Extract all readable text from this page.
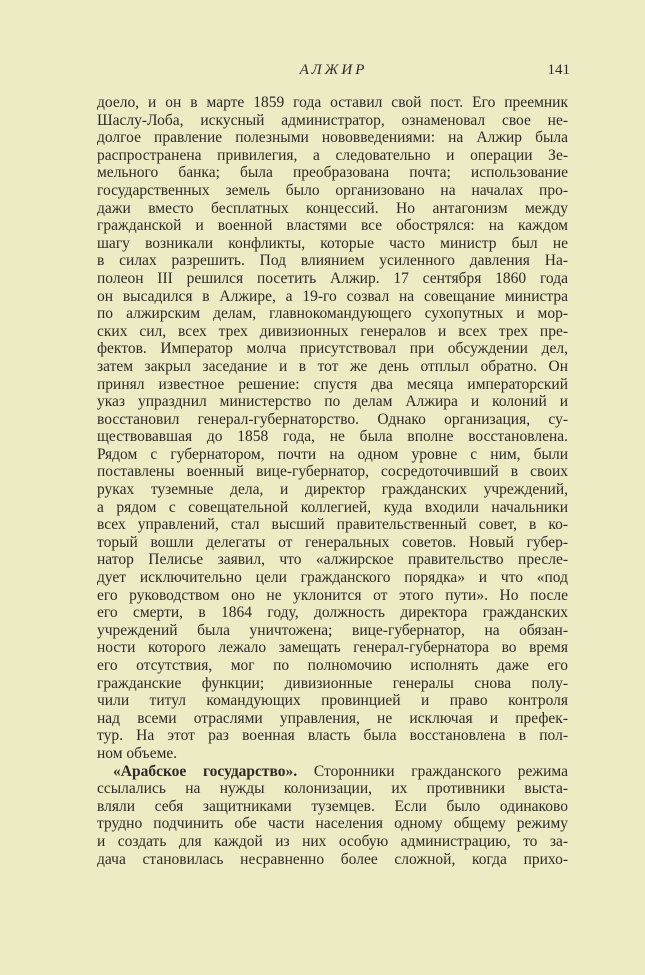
АЛЖИР	141
доело, и он в марте 1859 года оставил свой пост. Его преемник
Шаслу-Лоба, искусный администратор, ознаменовал свое не-
долгое правление полезными нововведениями: на Алжир была
распространена привилегия, а следовательно и операции Зе-
мельного банка; была преобразована почта; использование
государственных земель было организовано на началах про-
дажи вместо бесплатных концессий. Но антагонизм между
гражданской и военной властями все обострялся: на каждом
шагу возникали конфликты, которые часто министр был не
в силах разрешить. Под влиянием усиленного давления На-
полеон III решился посетить Алжир. 17 сентября 1860 года
он высадился в Алжире, а 19-го созвал на совещание министра
по алжирским делам, главнокомандующего сухопутных и мор-
ских сил, всех трех дивизионных генералов и всех трех пре-
фектов. Император молча присутствовал при обсуждении дел,
затем закрыл заседание и в тот же день отплыл обратно. Он
принял известное решение: спустя два месяца императорский
указ упразднил министерство по делам Алжира и колоний и
восстановил генерал-губернаторство. Однако организация, су-
ществовавшая до 1858 года, не была вполне восстановлена.
Рядом с губернатором, почти на одном уровне с ним, были
поставлены военный вице-губернатор, сосредоточивший в своих
руках туземные дела, и директор гражданских учреждений,
а рядом с совещательной коллегией, куда входили начальники
всех управлений, стал высший правительственный совет, в ко-
торый вошли делегаты от генеральных советов. Новый губер-
натор Пелисье заявил, что «алжирское правительство пресле-
дует исключительно цели гражданского порядка» и что «под
его руководством оно не уклонится от этого пути». Но после
его смерти, в 1864 году, должность директора гражданских
учреждений была уничтожена; вице-губернатор, на обязан-
ности которого лежало замещать генерал-губернатора во время
его отсутствия, мог по полномочию исполнять даже его
гражданские функции; дивизионные генералы снова полу-
чили титул командующих провинцией и право контроля
над всеми отраслями управления, не исключая и префек-
тур. На этот раз военная власть была восстановлена в пол-
ном объеме.
«Арабское государство». Сторонники гражданского режима
ссылались на нужды колонизации, их противники выста-
вляли себя защитниками туземцев. Если было одинаково
трудно подчинить обе части населения одному общему режиму
и создать для каждой из них особую администрацию, то за-
дача становилась несравненно более сложной, когда прихо-
